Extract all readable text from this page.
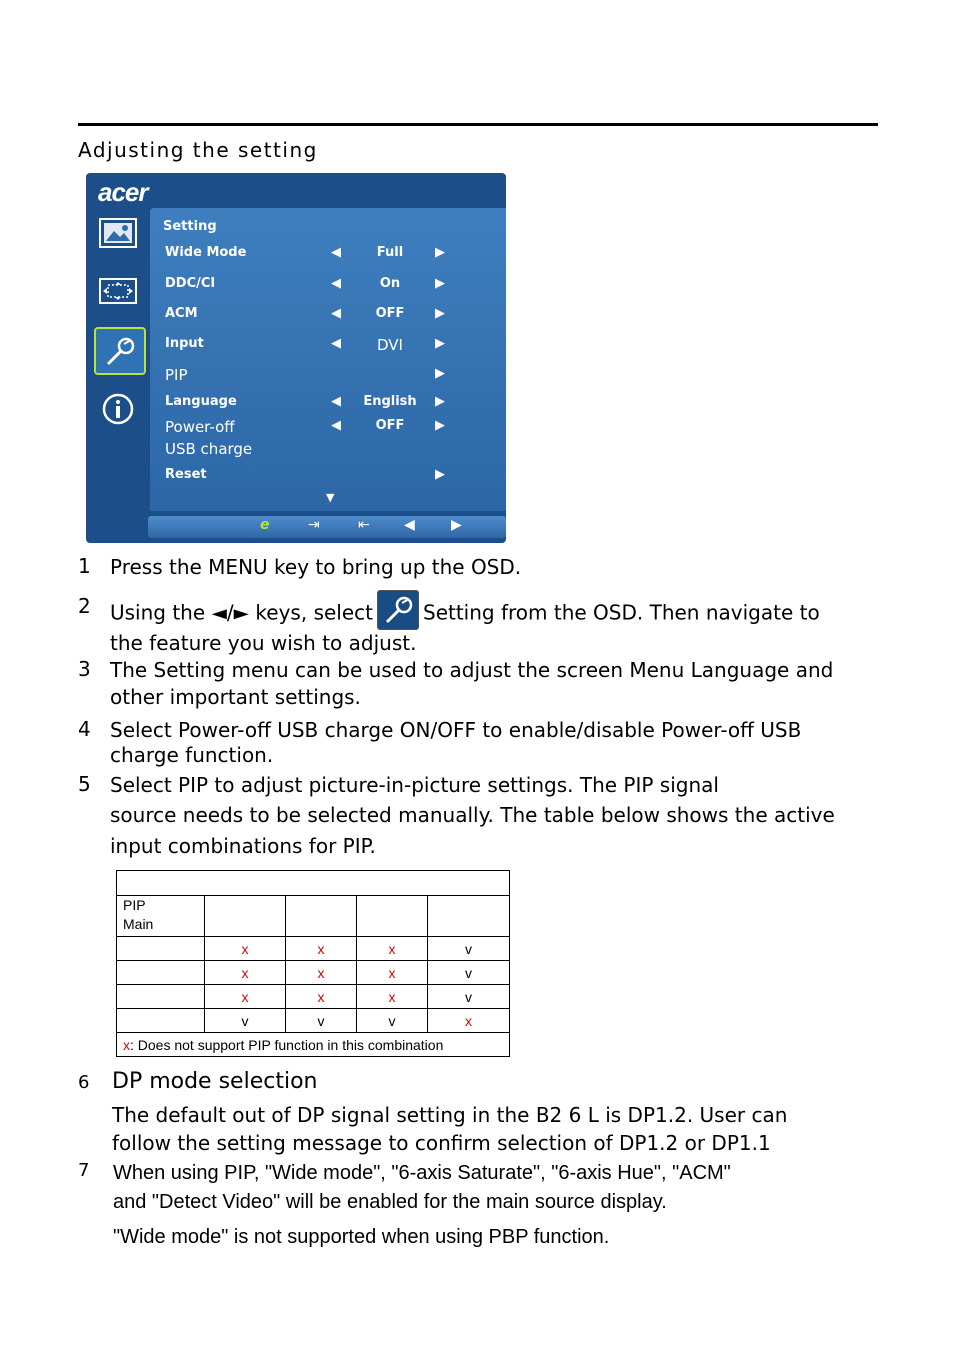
Adjusting the setting
acer
Setting
Wide Mode	◀	Full	▶
DDC/CI	◀	On	▶
ACM	◀	OFF	▶
Input	◀	DVI	▶
PIP	▶
Language	◀ English ▶
Power-off	◀	OFF	▶
USB charge
Reset	▶
▼
e	⇥	⇤ ◀	▶
1 Press the MENU key to bring up the OSD.
2 Using the ◄/► keys, select	Setting from the OSD. Then navigate to
the feature you wish to adjust.
3 The Setting menu can be used to adjust the screen Menu Language and
other important settings.
4 Select Power-off USB charge ON/OFF to enable/disable Power-off USB
charge function.
5 Select PIP to adjust picture-in-picture settings. The PIP signal
source needs to be selected manually. The table below shows the active
input combinations for PIP.

PIP
Main				
	x	x	x	v
	x	x	x	v
	x	x	x	v
	v	v	v	x
x: Does not support PIP function in this combination				
6 DP mode selection
The default out of DP signal setting in the B2 6 L is DP1.2. User can
follow the setting message to confirm selection of DP1.2 or DP1.1
7 When using PIP, "Wide mode", "6-axis Saturate", "6-axis Hue", "ACM"
and "Detect Video" will be enabled for the main source display.
"Wide mode" is not supported when using PBP function.
